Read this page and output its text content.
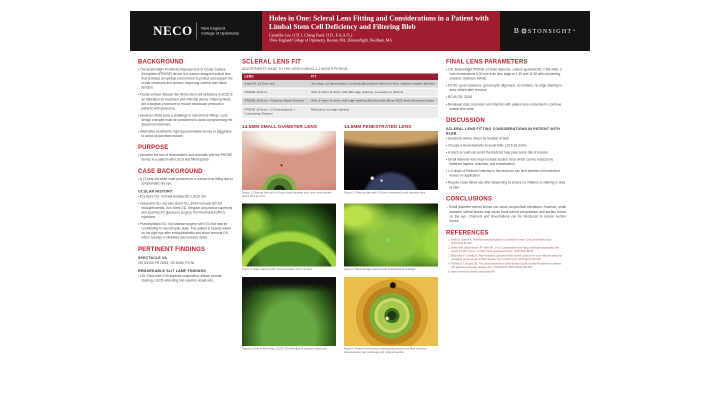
NECO New England
College of Optometry
Holes in One: Scleral Lens Fitting and Considerations in a Patient with Limbal Stem Cell Deficiency and Filtering Bleb
Camellia Lee, O.D.1, Chirag Patel, O.D., F.A.A.O.2
1New England College of Optometry, Boston, MA; 2BostonSight, Needham, MA
B STONSIGHT ®
BACKGROUND
• The BostonSight Prosthetic Replacement of Ocular Surface Ecosystem (PROSE) device is a custom designed scleral lens that provides an optimal environment to protect and support the ocular structures and surface, improving comfort and visual function.
• Ocular surface disease like limbal stem cell deficiency (LSCD) is an indication for treatment with PROSE device. Filtering blebs are a surgical procedure to reduce intraocular pressure in patients with glaucoma.
• However, blebs pose a challenge in scleral lens fittings. Lens design changes must be considered to avoid compromising the glaucoma treatment.
• Alternative treatments: rigid gas permeable lenses or piggyback to avoid conjunctival erosion.
PURPOSE
• Describe the use of fenestrations and channels with the PROSE device in a patient with LSCD and filtering bleb
CASE BACKGROUND
• A 72 year old white male presents for a contact lens fitting due to symptomatic dry eye.
OCULAR HISTORY:
• Dry Eyes OU, Corneal Ectasia OD, LSCD OD
• Glaucoma OU, s/p tube shunt OU, shunt removal OD 2/2 endophthalmitis, Xen Stent OD. Irregular conjunctiva superiorly and scarring 2/2 glaucoma surgery, h/o Fluorouracil (5FU) injections
• Pseudophakia OU, s/p cataract surgery with IOL that may be contributing to neurotrophic state. The patient is heavily reliant on his right eye after endophthalmitis and shunt removal OS, which resulted in distorted and reduced vision.
PERTINENT FINDINGS
SPECTACLE VA

OD 20/100 PH 20/25, OS 20/60, PH NI

REMARKABLE SLIT LAMP FINDINGS
• OD: Thick bleb 2:00 superior conjunctiva, diffuse corneal staining, LSCD extending into superior visual axis.
SCLERAL LENS FIT
ADJUSTMENTS MADE TO THE LENS DURING A 2 MONTH PERIOD:
LENS	FIT
Initial Fit: 16.0mm trial	Too large, inf decentration, mechanically pushed inferior by bleb, requires smaller diameter
PROSE 14.5mm	After 4 hours of wear: mild 360 edge staining, no erosion or defects
PROSE 14.5mm + Superior Nasal Channel	After 3 hours of wear: mild edge staining 360 and mild diffuse MCE and mild scarred base
PROSE 14.5mm + 2 Fenestrations + Connecting Channel	Minimal to no edge staining
14.5MM SMALL DIAMETER LENS	14.5MM FENESTRATED LENS
Figure 1: Filtering bleb with 14.5mm small diameter lens; lens rests entirely above bleb by 2mm
Figure 2: Filtering bleb with 14.5mm fenestrated small diameter lens.
Figure 3: Edge staining with non-fenestrated 14.5 mm lens	Figure 4: Minimal edge staining with fenestrated lens design
Figure 5: Prior to lens wear: LSCD OD extending to superior visual axis.	Figure 6: Raised fenestrations allowing fluorescein into fluid reservoir; demonstrating tear exchange and reduced suction
FINAL LENS PARAMETERS
• OD: BostonSight PROSE 14.5mm diameter, custom quadrant BC 7.6/8.4mm, 2 hole fenestrations 0.30 mm from lens edge at 1:30 and 11:30 with connecting channel; Optimum Infinite
• Fit OD: good clearance, good haptic alignment, no bubbles, no edge staining in area of bleb after removal
• BCVA OD: 20/30
• Reviewed risks of erosion and infection with patient who consented to continue scleral lens wear.
DISCUSSION
SCLERAL LENS FITTING CONSIDERATIONS IN PATIENT WITH BLEB:
• Decisions will be driven by location of bleb
• Choose a small diameter to avoid bleb, (14.5-15.0mm)
• A notch or vault can avoid the bleb but may pose some risk of erosion.
• Small diameter lens may increase suction force which can be reduced by flattened haptics, channels, and fenestrations.
• 1-2 drops of Refresh Celluvisc in the reservoir can limit bubbles in fenestrated lenses on application
• Require close follow ups after dispensing to ensure no irritation or staining in area of bleb
CONCLUSIONS

– Small diameter scleral lenses can avoid conjunctival elevations. However, small diameter scleral lenses may cause focal scleral compression and suction forces on the eye. Channels and fenestrations can be introduced to reduce suction forces

REFERENCES
1. Fadel D, Kramer E. Potential contraindications to scleral lens wear. Cont Lens Anterior Eye. 2019;42(1):92-103.
2. Walker MK, Bergmanson JP, Miller WL, et al. Complications and fitting challenges associated with scleral contact lenses: a review. Cont Lens Anterior Eye. 2016;39(2):88-96.
3. Rosenthal P, Croteau A. Fluid-ventilated, gas-permeable scleral contact lens is an effective option for managing severe ocular surface disease. Eye Contact Lens. 2005;31(3):130-134.
4. Tanhehco T, Jacobs DS. The clinical experience of the Boston Ocular Surface Prosthesis in patients with glaucoma drainage devices. Am J Ophthalmol. 2009;148(2):302-305.
5. https://commons.pacificu.edu/cases/34/
